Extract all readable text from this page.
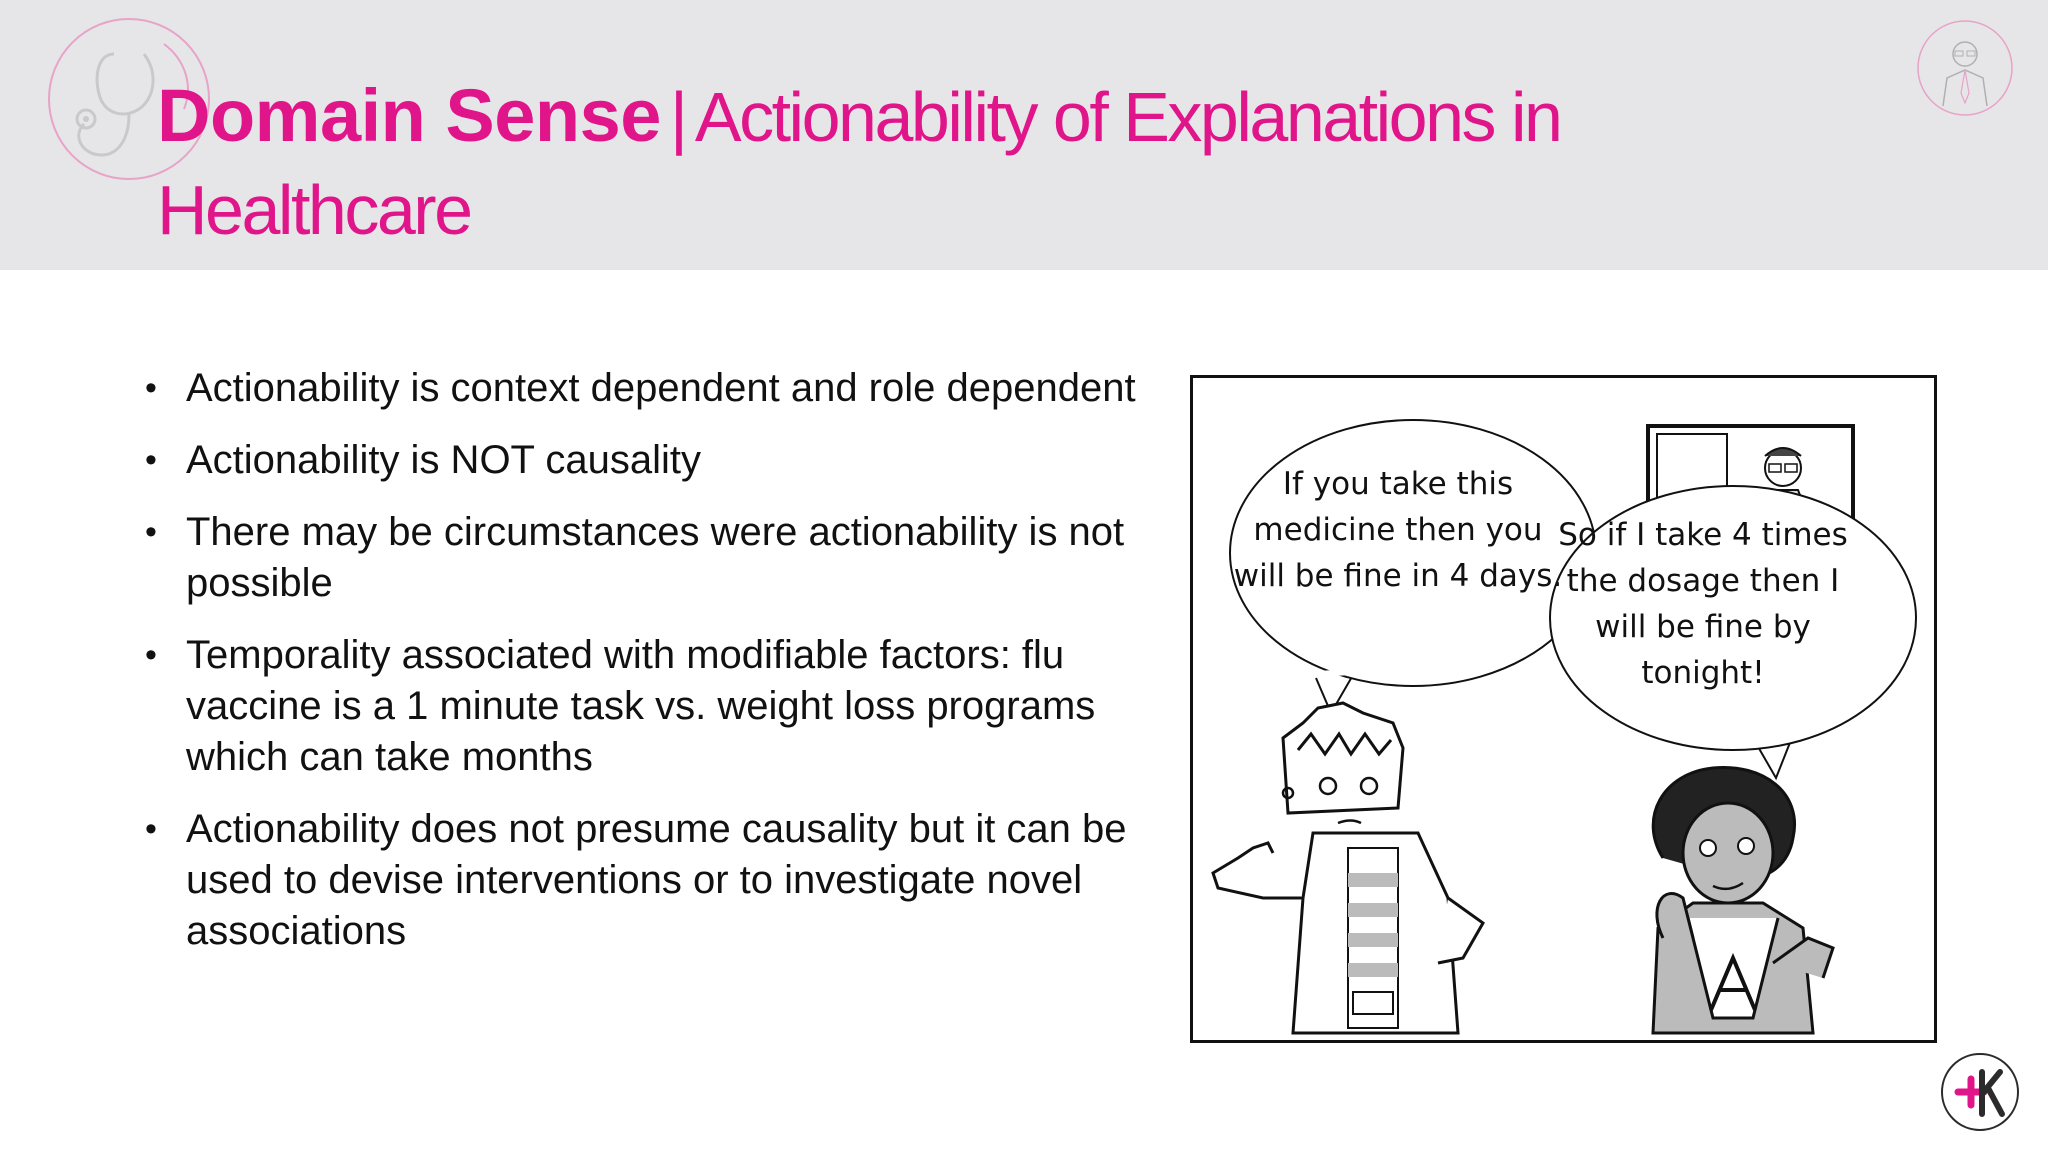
Domain Sense | Actionability of Explanations in Healthcare
• Actionability is context dependent and role dependent
• Actionability is NOT causality
• There may be circumstances were actionability is not possible
• Temporality associated with modifiable factors: flu vaccine is a 1 minute task vs. weight loss programs which can take months
• Actionability does not presume causality but it can be used to devise interventions or to investigate novel associations
If you take this medicine then you will be fine in 4 days.
So if I take 4 times the dosage then I will be fine by tonight!
